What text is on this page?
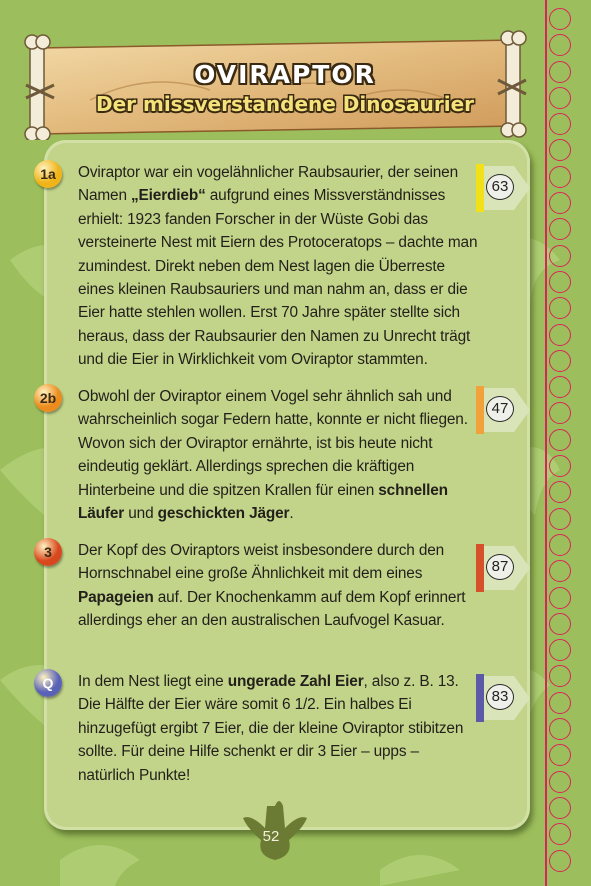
OVIRAPTOR
Der missverstandene Dinosaurier
1a Oviraptor war ein vogelähnlicher Raubsaurier, der seinen Namen „Eierdieb“ aufgrund eines Missverständnisses erhielt: 1923 fanden Forscher in der Wüste Gobi das versteinerte Nest mit Eiern des Protoceratops – dachte man zumindest. Direkt neben dem Nest lagen die Überreste eines kleinen Raubsauriers und man nahm an, dass er die Eier hatte stehlen wollen. Erst 70 Jahre später stellte sich heraus, dass der Raubsaurier den Namen zu Unrecht trägt und die Eier in Wirklichkeit vom Oviraptor stammten.
63
2b Obwohl der Oviraptor einem Vogel sehr ähnlich sah und wahrscheinlich sogar Federn hatte, konnte er nicht fliegen. Wovon sich der Oviraptor ernährte, ist bis heute nicht eindeutig geklärt. Allerdings sprechen die kräftigen Hinterbeine und die spitzen Krallen für einen schnellen Läufer und geschickten Jäger.
47
3 Der Kopf des Oviraptors weist insbesondere durch den Hornschnabel eine große Ähnlichkeit mit dem eines Papageien auf. Der Knochenkamm auf dem Kopf erinnert allerdings eher an den australischen Laufvogel Kasuar.
87
Q In dem Nest liegt eine ungerade Zahl Eier, also z. B. 13. Die Hälfte der Eier wäre somit 6 1/2. Ein halbes Ei hinzugefügt ergibt 7 Eier, die der kleine Oviraptor stibitzen sollte. Für deine Hilfe schenkt er dir 3 Eier – upps – natürlich Punkte!
83
52
